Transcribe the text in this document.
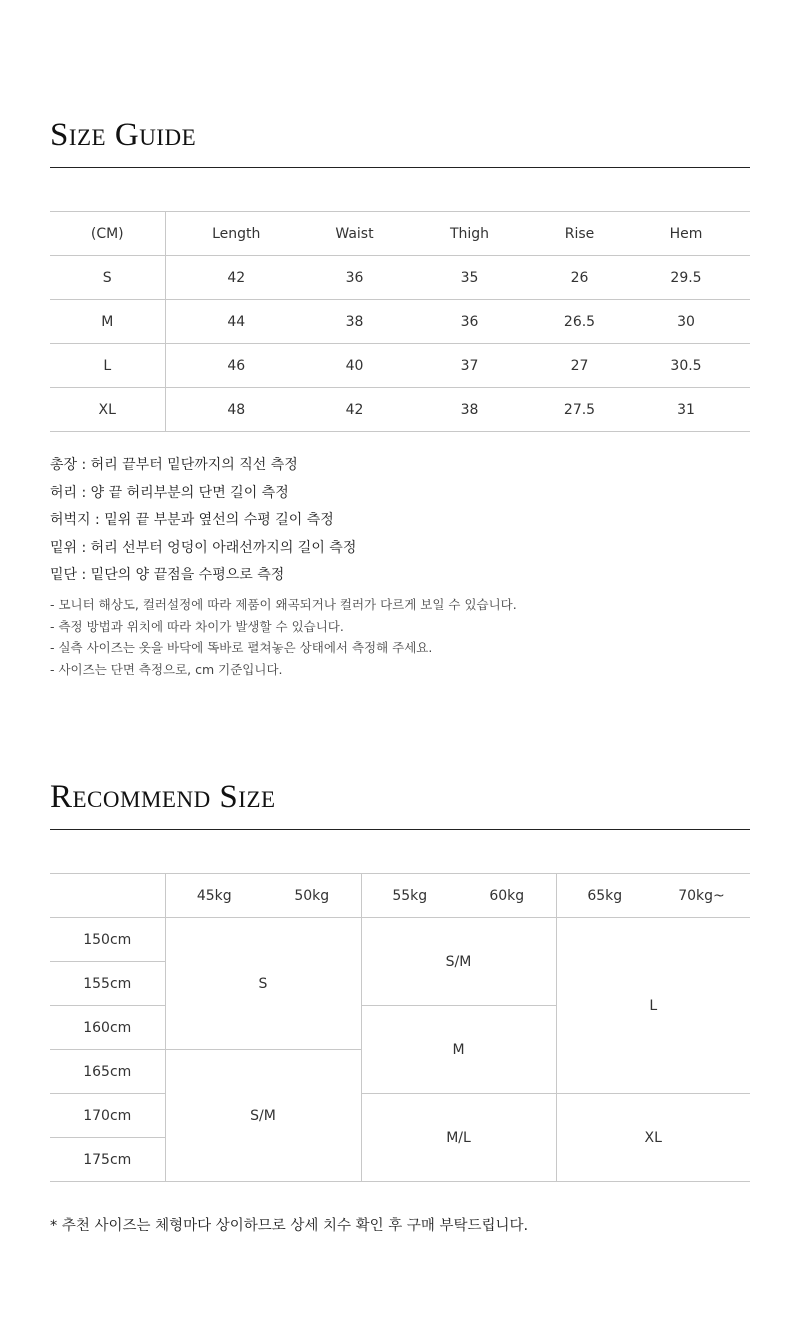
Size Guide
(CM)	Length	Waist	Thigh	Rise	Hem
S	42	36	35	26	29.5
M	44	38	36	26.5	30
L	46	40	37	27	30.5
XL	48	42	38	27.5	31
총장 : 허리 끝부터 밑단까지의 직선 측정
허리 : 양 끝 허리부분의 단면 길이 측정
허벅지 : 밑위 끝 부분과 옆선의 수평 길이 측정
밑위 : 허리 선부터 엉덩이 아래선까지의 길이 측정
밑단 : 밑단의 양 끝점을 수평으로 측정
- 모니터 해상도, 컬러설정에 따라 제품이 왜곡되거나 컬러가 다르게 보일 수 있습니다.
- 측정 방법과 위치에 따라 차이가 발생할 수 있습니다.
- 실측 사이즈는 옷을 바닥에 똑바로 펼쳐놓은 상태에서 측정해 주세요.
- 사이즈는 단면 측정으로, cm 기준입니다.
Recommend Size
	45kg	50kg	55kg	60kg	65kg	70kg~
150cm	S		S/M		L	
155cm						
160cm			M			
165cm	S/M					
170cm			M/L		XL	
175cm						

* 추천 사이즈는 체형마다 상이하므로 상세 치수 확인 후 구매 부탁드립니다.
